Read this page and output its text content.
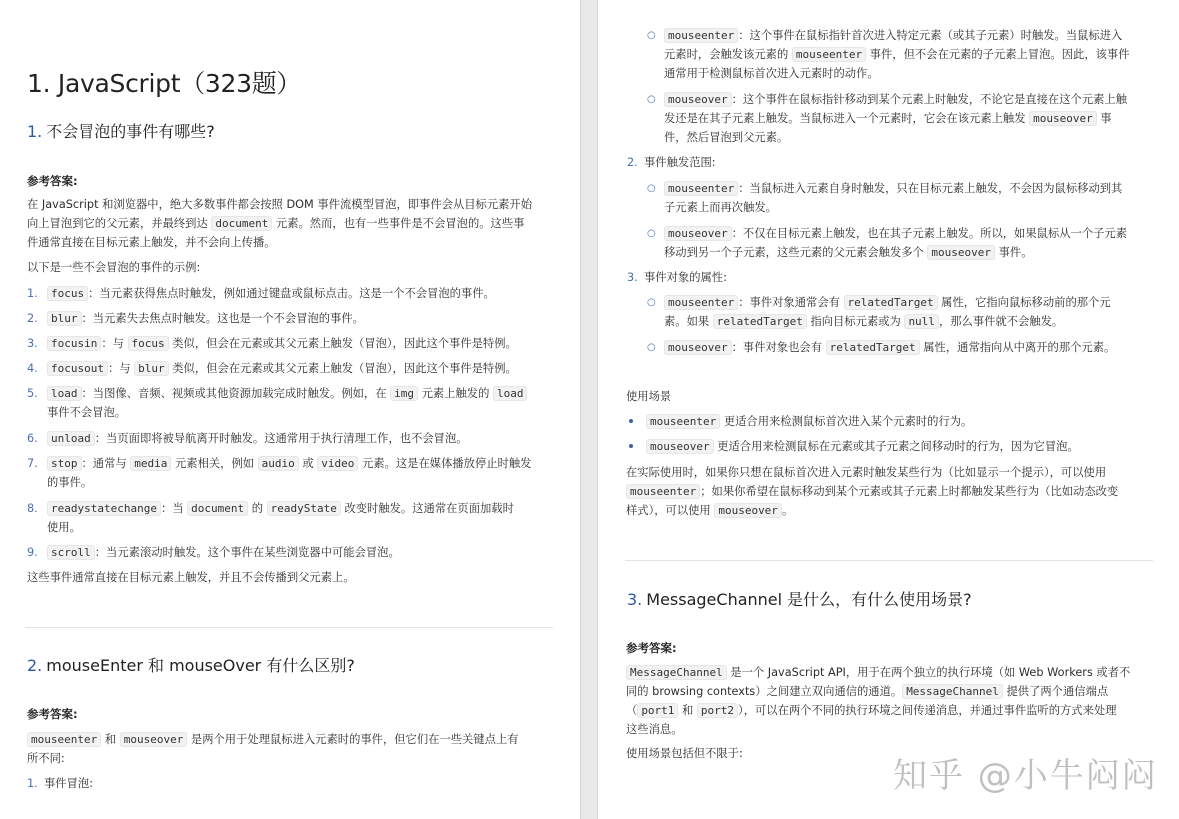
1. JavaScript（323题）
1. 不会冒泡的事件有哪些?
参考答案:
在 JavaScript 和浏览器中，绝大多数事件都会按照 DOM 事件流模型冒泡，即事件会从目标元素开始
向上冒泡到它的父元素，并最终到达 document 元素。然而，也有一些事件是不会冒泡的。这些事
件通常直接在目标元素上触发，并不会向上传播。
以下是一些不会冒泡的事件的示例:
1. focus ：当元素获得焦点时触发，例如通过键盘或鼠标点击。这是一个不会冒泡的事件。
2. blur ：当元素失去焦点时触发。这也是一个不会冒泡的事件。
3. focusin ：与 focus 类似，但会在元素或其父元素上触发（冒泡），因此这个事件是特例。
4. focusout ：与 blur 类似，但会在元素或其父元素上触发（冒泡），因此这个事件是特例。
5. load ：当图像、音频、视频或其他资源加载完成时触发。例如，在 img 元素上触发的 load
事件不会冒泡。
6. unload ：当页面即将被导航离开时触发。这通常用于执行清理工作，也不会冒泡。
7. stop ：通常与 media 元素相关，例如 audio 或 video 元素。这是在媒体播放停止时触发
的事件。
8. readystatechange ：当 document 的 readyState 改变时触发。这通常在页面加载时
使用。
9. scroll ：当元素滚动时触发。这个事件在某些浏览器中可能会冒泡。
这些事件通常直接在目标元素上触发，并且不会传播到父元素上。
2. mouseEnter 和 mouseOver 有什么区别?
参考答案:
mouseenter 和 mouseover 是两个用于处理鼠标进入元素时的事件，但它们在一些关键点上有
所不同:
1. 事件冒泡:
○	mouseenter ：这个事件在鼠标指针首次进入特定元素（或其子元素）时触发。当鼠标进入
元素时，会触发该元素的 mouseenter 事件，但不会在元素的子元素上冒泡。因此，该事件
通常用于检测鼠标首次进入元素时的动作。
○	mouseover ：这个事件在鼠标指针移动到某个元素上时触发，不论它是直接在这个元素上触
发还是在其子元素上触发。当鼠标进入一个元素时，它会在该元素上触发 mouseover 事
件，然后冒泡到父元素。
2. 事件触发范围:
○	mouseenter ：当鼠标进入元素自身时触发，只在目标元素上触发，不会因为鼠标移动到其
子元素上而再次触发。
○	mouseover ：不仅在目标元素上触发，也在其子元素上触发。所以，如果鼠标从一个子元素
移动到另一个子元素，这些元素的父元素会触发多个 mouseover 事件。
3. 事件对象的属性:
○	mouseenter ：事件对象通常会有 relatedTarget 属性，它指向鼠标移动前的那个元
素。如果 relatedTarget 指向目标元素或为 null ，那么事件就不会触发。
○	mouseover ：事件对象也会有 relatedTarget 属性，通常指向从中离开的那个元素。
使用场景
mouseenter 更适合用来检测鼠标首次进入某个元素时的行为。
mouseover 更适合用来检测鼠标在元素或其子元素之间移动时的行为，因为它冒泡。
在实际使用时，如果你只想在鼠标首次进入元素时触发某些行为（比如显示一个提示），可以使用
mouseenter ；如果你希望在鼠标移动到某个元素或其子元素上时都触发某些行为（比如动态改变
样式），可以使用 mouseover 。
3. MessageChannel 是什么，有什么使用场景?
参考答案:
MessageChannel 是一个 JavaScript API，用于在两个独立的执行环境（如 Web Workers 或者不
同的 browsing contexts）之间建立双向通信的通道。 MessageChannel 提供了两个通信端点
（ port1 和 port2 ），可以在两个不同的执行环境之间传递消息，并通过事件监听的方式来处理
这些消息。
使用场景包括但不限于:
知乎 @小牛闷闷
